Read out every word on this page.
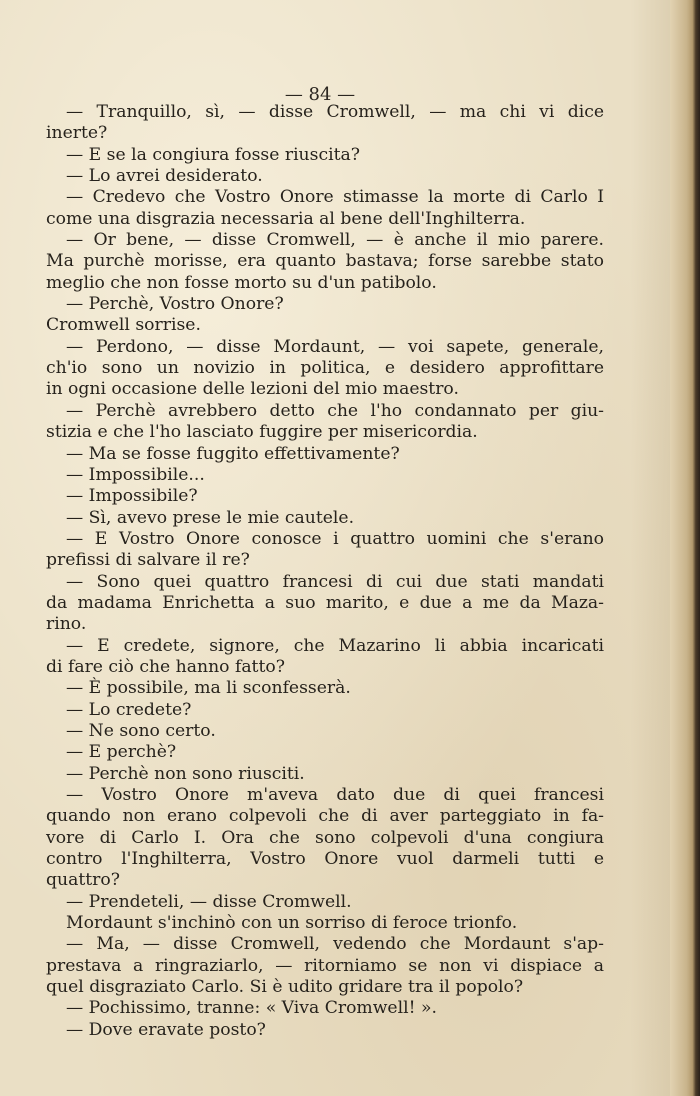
— 84 —
— Tranquillo, sì, — disse Cromwell, — ma chi vi dice
inerte?
— E se la congiura fosse riuscita?
— Lo avrei desiderato.
— Credevo che Vostro Onore stimasse la morte di Carlo I
come una disgrazia necessaria al bene dell'Inghilterra.
— Or bene, — disse Cromwell, — è anche il mio parere.
Ma purchè morisse, era quanto bastava; forse sarebbe stato
meglio che non fosse morto su d'un patibolo.
— Perchè, Vostro Onore?
Cromwell sorrise.
— Perdono, — disse Mordaunt, — voi sapete, generale,
ch'io sono un novizio in politica, e desidero approfittare
in ogni occasione delle lezioni del mio maestro.
— Perchè avrebbero detto che l'ho condannato per giu-
stizia e che l'ho lasciato fuggire per misericordia.
— Ma se fosse fuggito effettivamente?
— Impossibile...
— Impossibile?
— Sì, avevo prese le mie cautele.
— E Vostro Onore conosce i quattro uomini che s'erano
prefissi di salvare il re?
— Sono quei quattro francesi di cui due stati mandati
da madama Enrichetta a suo marito, e due a me da Maza-
rino.
— E credete, signore, che Mazarino li abbia incaricati
di fare ciò che hanno fatto?
— È possibile, ma li sconfesserà.
— Lo credete?
— Ne sono certo.
— E perchè?
— Perchè non sono riusciti.
— Vostro Onore m'aveva dato due di quei francesi
quando non erano colpevoli che di aver parteggiato in fa-
vore di Carlo I. Ora che sono colpevoli d'una congiura
contro l'Inghilterra, Vostro Onore vuol darmeli tutti e
quattro?
— Prendeteli, — disse Cromwell.
Mordaunt s'inchinò con un sorriso di feroce trionfo.
— Ma, — disse Cromwell, vedendo che Mordaunt s'ap-
prestava a ringraziarlo, — ritorniamo se non vi dispiace a
quel disgraziato Carlo. Si è udito gridare tra il popolo?
— Pochissimo, tranne: « Viva Cromwell! ».
— Dove eravate posto?
